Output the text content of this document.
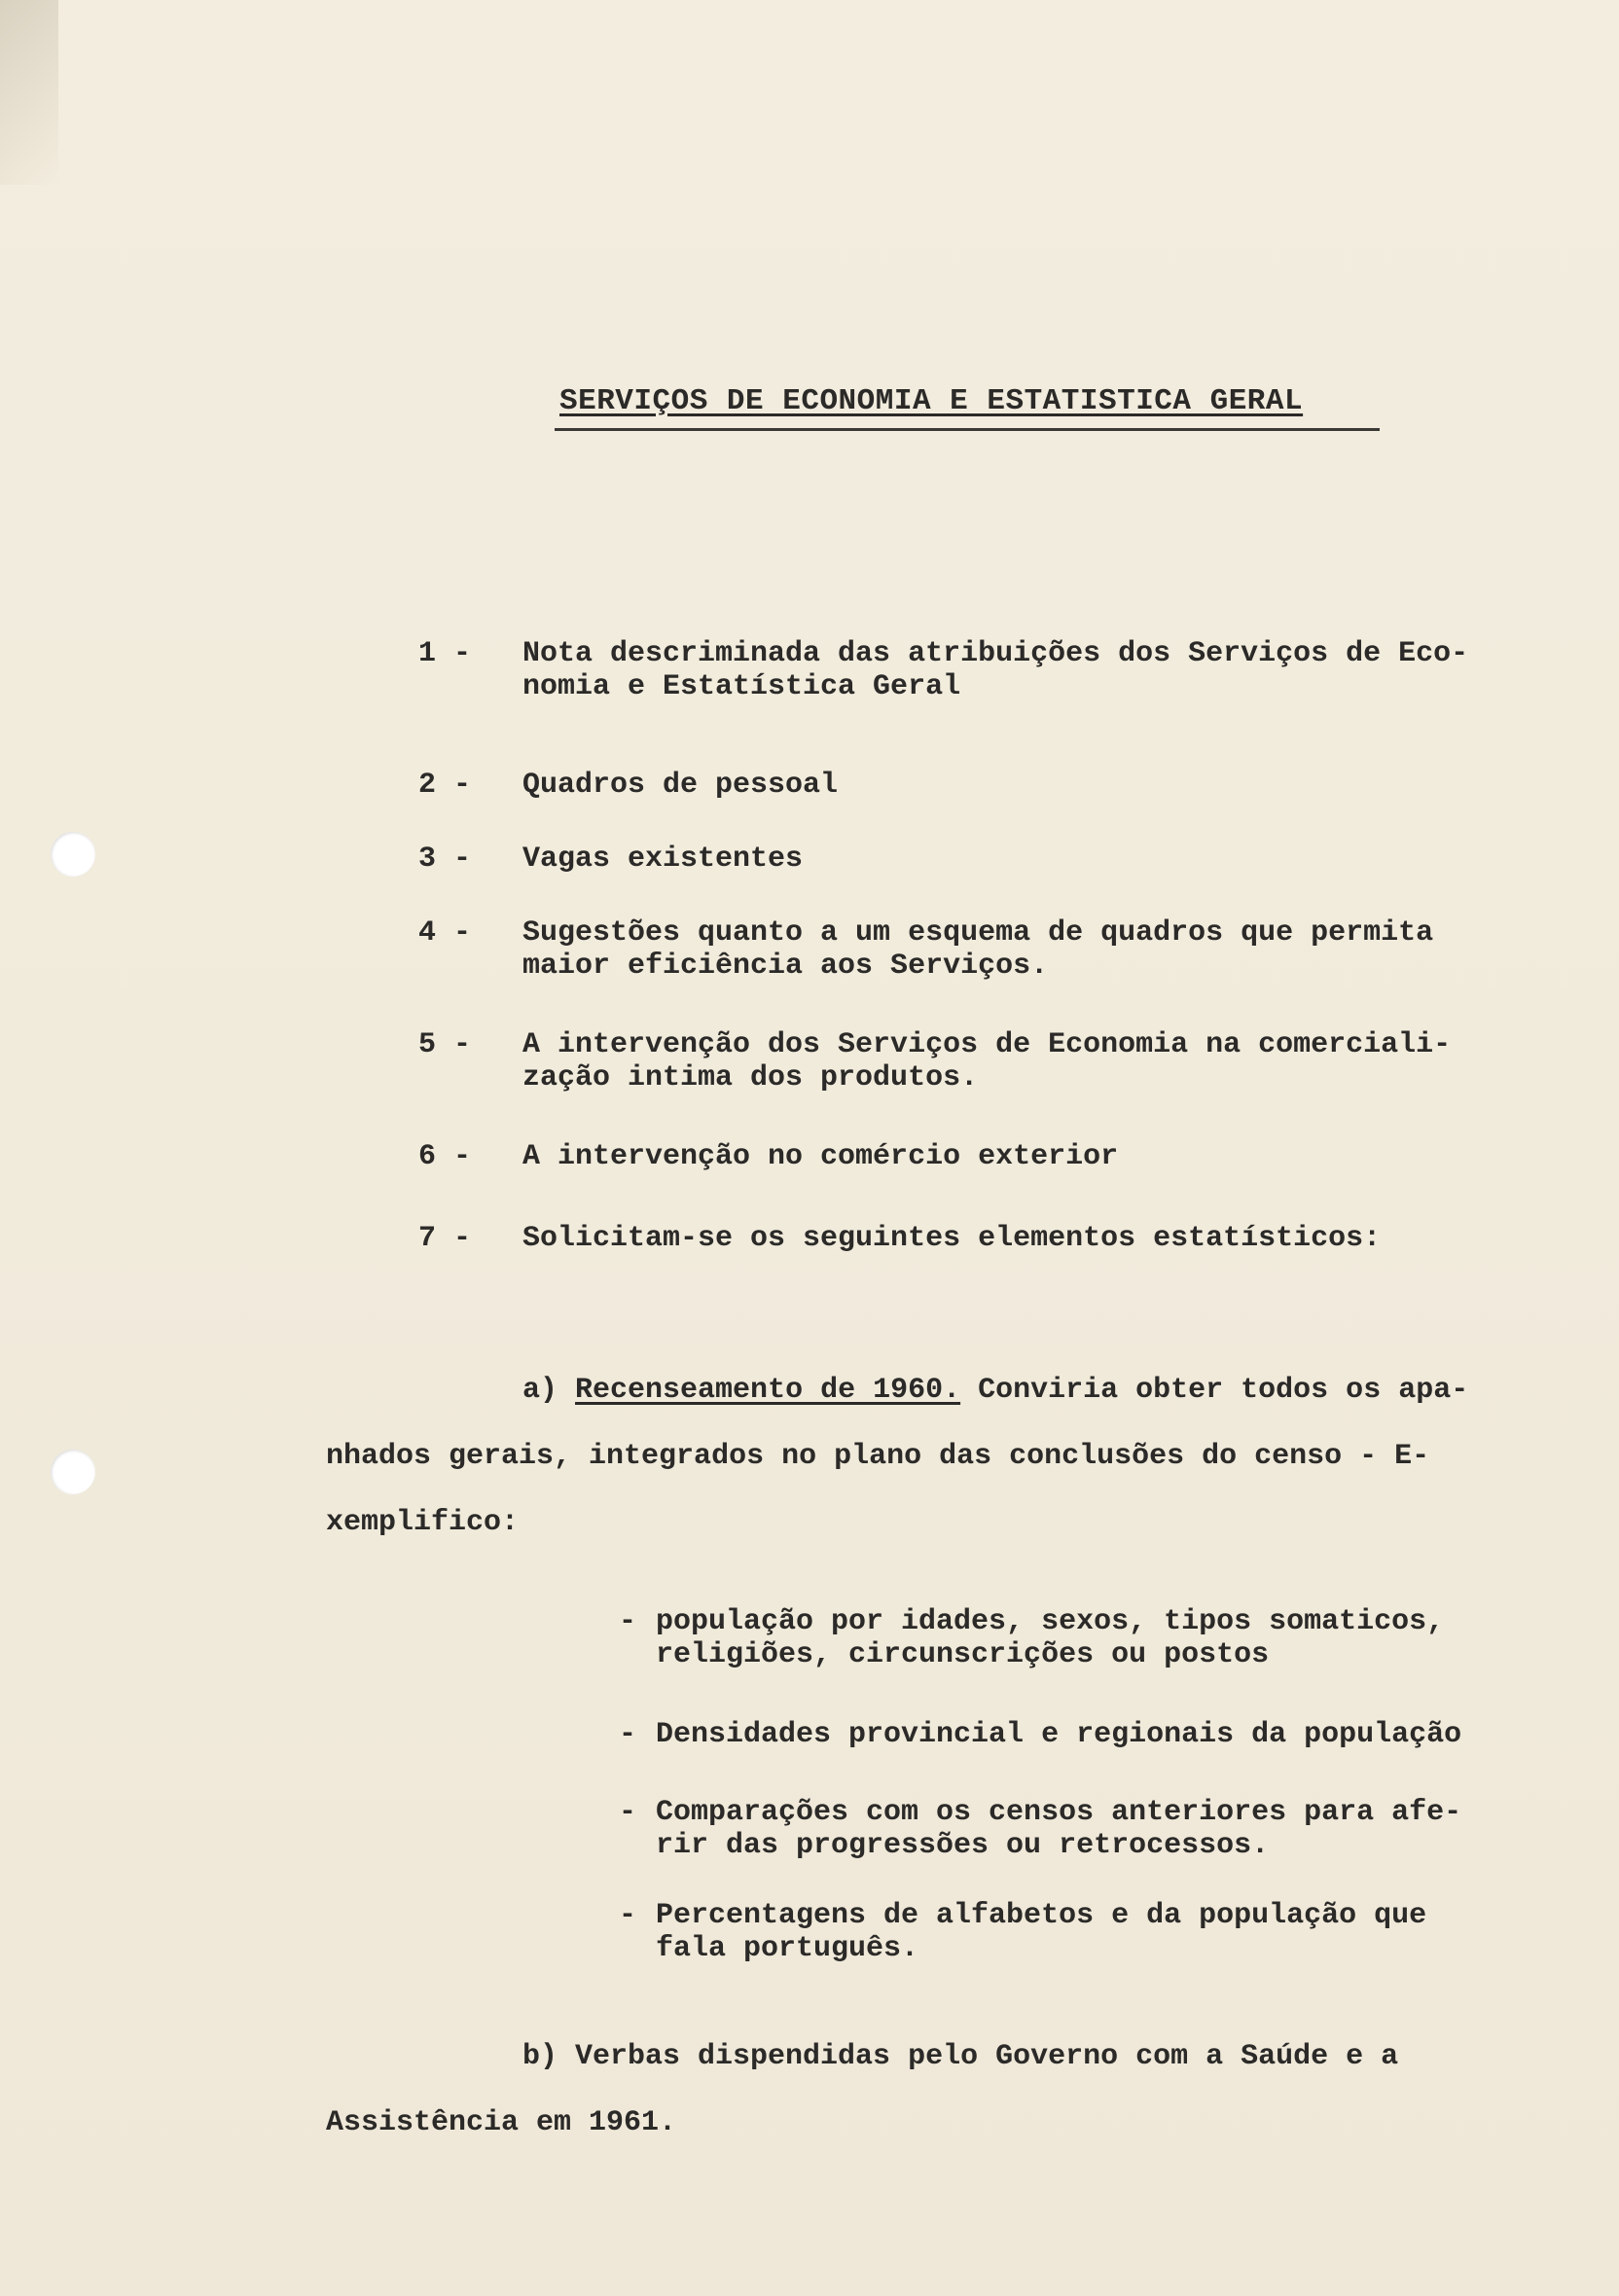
SERVIÇOS DE ECONOMIA E ESTATISTICA GERAL
1 -	Nota descriminada das atribuições dos Serviços de Eco-
nomia e Estatística Geral
2 -	Quadros de pessoal
3 -	Vagas existentes
4 -	Sugestões quanto a um esquema de quadros que permita
maior eficiência aos Serviços.
5 -	A intervenção dos Serviços de Economia na comerciali-
zação intima dos produtos.
6 -	A intervenção no comércio exterior
7 -	Solicitam-se os seguintes elementos estatísticos:
a) Recenseamento de 1960. Conviria obter todos os apa-
nhados gerais, integrados no plano das conclusões do censo - E-
xemplifico:
- população por idades, sexos, tipos somaticos,
religiões, circunscrições ou postos
- Densidades provincial e regionais da população
- Comparações com os censos anteriores para afe-
rir das progressões ou retrocessos.
- Percentagens de alfabetos e da população que
fala português.
b) Verbas dispendidas pelo Governo com a Saúde e a
Assistência em 1961.
